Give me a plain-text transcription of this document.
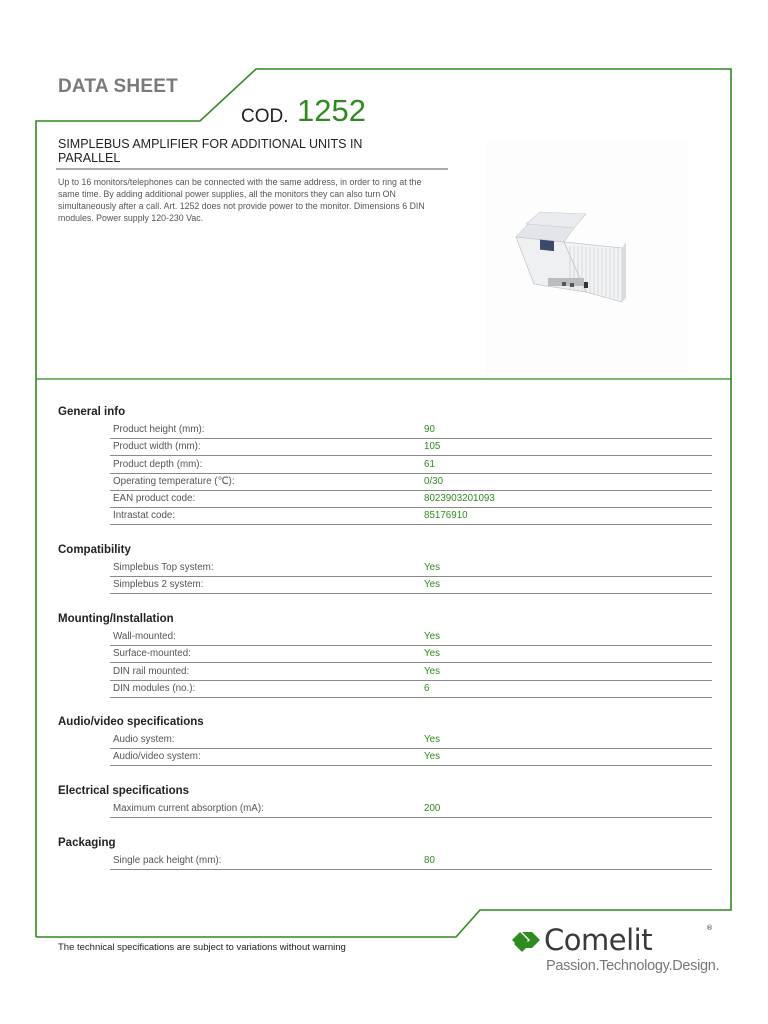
DATA SHEET
COD. 1252
SIMPLEBUS AMPLIFIER FOR ADDITIONAL UNITS IN PARALLEL
Up to 16 monitors/telephones can be connected with the same address, in order to ring at the same time. By adding additional power supplies, all the monitors they can also turn ON simultaneously after a call. Art. 1252 does not provide power to the monitor. Dimensions 6 DIN modules. Power supply 120-230 Vac.
General info
Compatibility
Mounting/Installation
Audio/video specifications
Electrical specifications
Packaging
Product height (mm):	90
Product width (mm):	105
Product depth (mm):	61
Operating temperature (℃):	0/30
EAN product code:	8023903201093
Intrastat code:	85176910
Simplebus Top system:	Yes
Simplebus 2 system:	Yes
Wall-mounted:	Yes
Surface-mounted:	Yes
DIN rail mounted:	Yes
DIN modules (no.):	6
Audio system:	Yes
Audio/video system:	Yes
Maximum current absorption (mA):	200
Single pack height (mm):	80
The technical specifications are subject to variations without warning	Comelit	®
Passion.Technology.Design.
